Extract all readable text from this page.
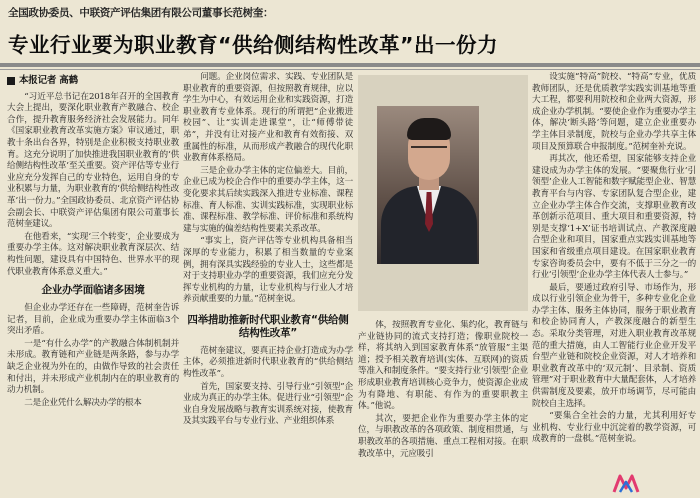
全国政协委员、中联资产评估集团有限公司董事长范树奎：
专业行业要为职业教育“供给侧结构性改革”出一份力
本报记者 高鹤

“习近平总书记在2018年召开的全国教育大会上提出，要深化职业教育产教融合、校企合作，提升教育服务经济社会发展能力。同年《国家职业教育改革实施方案》审议通过，职教十条出台各界，特别是企业积极支持职业教育。这充分说明了加快推进我国职业教育的‘供给侧结构性改革’至关重要。资产评估等专业行业应充分发挥自己的专业特色，运用自身的专业积累与力量，为职业教育的‘供给侧结构性改革’出一份力。”全国政协委员、北京资产评估协会副会长、中联资产评估集团有限公司董事长范树奎建议。

在他看来，“实现‘三个转变’，企业要成为重要办学主体。这对解决职业教育深层次、结构性问题，建设具有中国特色、世界水平的现代职业教育体系意义重大。”

企业办学面临诸多困境

但企业办学还存在一些障碍，范树奎告诉记者，目前，企业成为重要办学主体面临3个突出矛盾。

一是“有什么办学”的产教融合体制机制并未形成。教育链和产业链是两条路，参与办学缺乏企业视为外在的，由做作导致的社会责任和付出，并未形成产业机制内在的职业教育的动力机制。

二是企业凭什么解决办学的根本

问题。企业岗位需求、实践、专业团队是职业教育的重要资源，但按照教育规律，应以学生为中心，有效运用企业和实践资源，打造职业教育专业体系。现行的所谓把“企业搬进校园”、让“实训走进课堂”，让“师傅带徒弟”，并没有让对接产业和教育有效衔接、双重属性的标准，从而形成产教融合的现代化职业教育体系格局。

三是企业办学主体的定位偏差大。目前，企业已成为校企合作中的重要办学主体，这一变化要求其后续实践深入推进专业标准、课程标准、育人标准、实训实践标准，实现职业标准、课程标准、教学标准、评价标准和系统构建与实施的偏差结构性要素关系改革。

“事实上，资产评估等专业机构具备相当深厚的专业能力，积累了相当数量的专业案例，拥有深具实践经验的专业人士，这些都是对于支持职业办学的重要资源，我们应充分发挥专业机构的力量，让专业机构与行业人才培养贡献重要的力量。”范树奎说。

四举措助推新时代职业教育“供给侧结构性改革”

范树奎建议，要真正持企业打造成为办学主体，必须推进新时代职业教育的“供给侧结构性改革”。

首先，国家要支持、引导行业“引领型”企业成为真正的办学主体。促进行业“引领型”企业自身发展战略与教育实训系统对接，使教育及其实践平台与专业行业、产业组织体系

体，按照教育专业化、集约化，教育链与产业链协同的流式支持打造；像职业院校一样，将其纳入到国家教育体系“放管服”主渠道；授予相关教育培训(实体、互联网)的资质等准入和制度条件。“要支持行业‘引领型’企业形成职业教育培训核心竞争力，使资源企业成为有降地、有职能、有作为的重要职教主体。”他说。

其次，要把企业作为重要办学主体的定位，与职教改革的各项政策、制度相贯通，与职教改革的各项措施、重点工程相对接。在职教改革中，元应吸引

设实施“特高”院校、“特高”专业，优质教师团队，还是优质教学实践实训基地等重大工程，都要利用院校和企业两大资源，形成企业办学机制。“要使企业作为重要办学主体，解决‘断头路’等问题，建立企业重要办学主体目录制度，院校与企业办学共享主体项目及预算联合申报制度。”范树奎补充说。

再其次，他还希望，国家能够支持企业建设成为办学主体的发展。“要聚焦行业‘引领型’企业人工智能和数字赋能型企业、智慧教育平台与内容、专家团队复合型企业，建立企业办学主体合作交流，支撑职业教育改革创新示范项目、重大项目和重要资源，特别是支撑‘1+X’证书培训试点、产教深度融合型企业和项目，国家重点实践实训基地等国家和省级重点项目建设。在国家职业教育专家咨询委员会中，要有不低于三分之一的行业‘引领型’企业办学主体代表人士参与。”

最后，要通过政府引导、市场作为，形成以行业引领企业为骨干，多种专业化企业办学主体、服务主体协同，服务于职业教育和校企协同育人，产教深度融合的新型生态。采取分类管理，对进入职业教育改革规范的重大措施，由人工智能行业企业开发平台型产业链和院校企业资源，对人才培养和职业教育改革中的‘双元制’、目录制、资质管理”对于职业教育中大量配套体，人才培养供需制度及要素，放开市场调节，尽可能由院校自主选择。

“要集合全社会的力量，尤其利用好专业机构、专业行业中沉淀着的教学资源，可成教育的一盘棋。”范树奎说。
